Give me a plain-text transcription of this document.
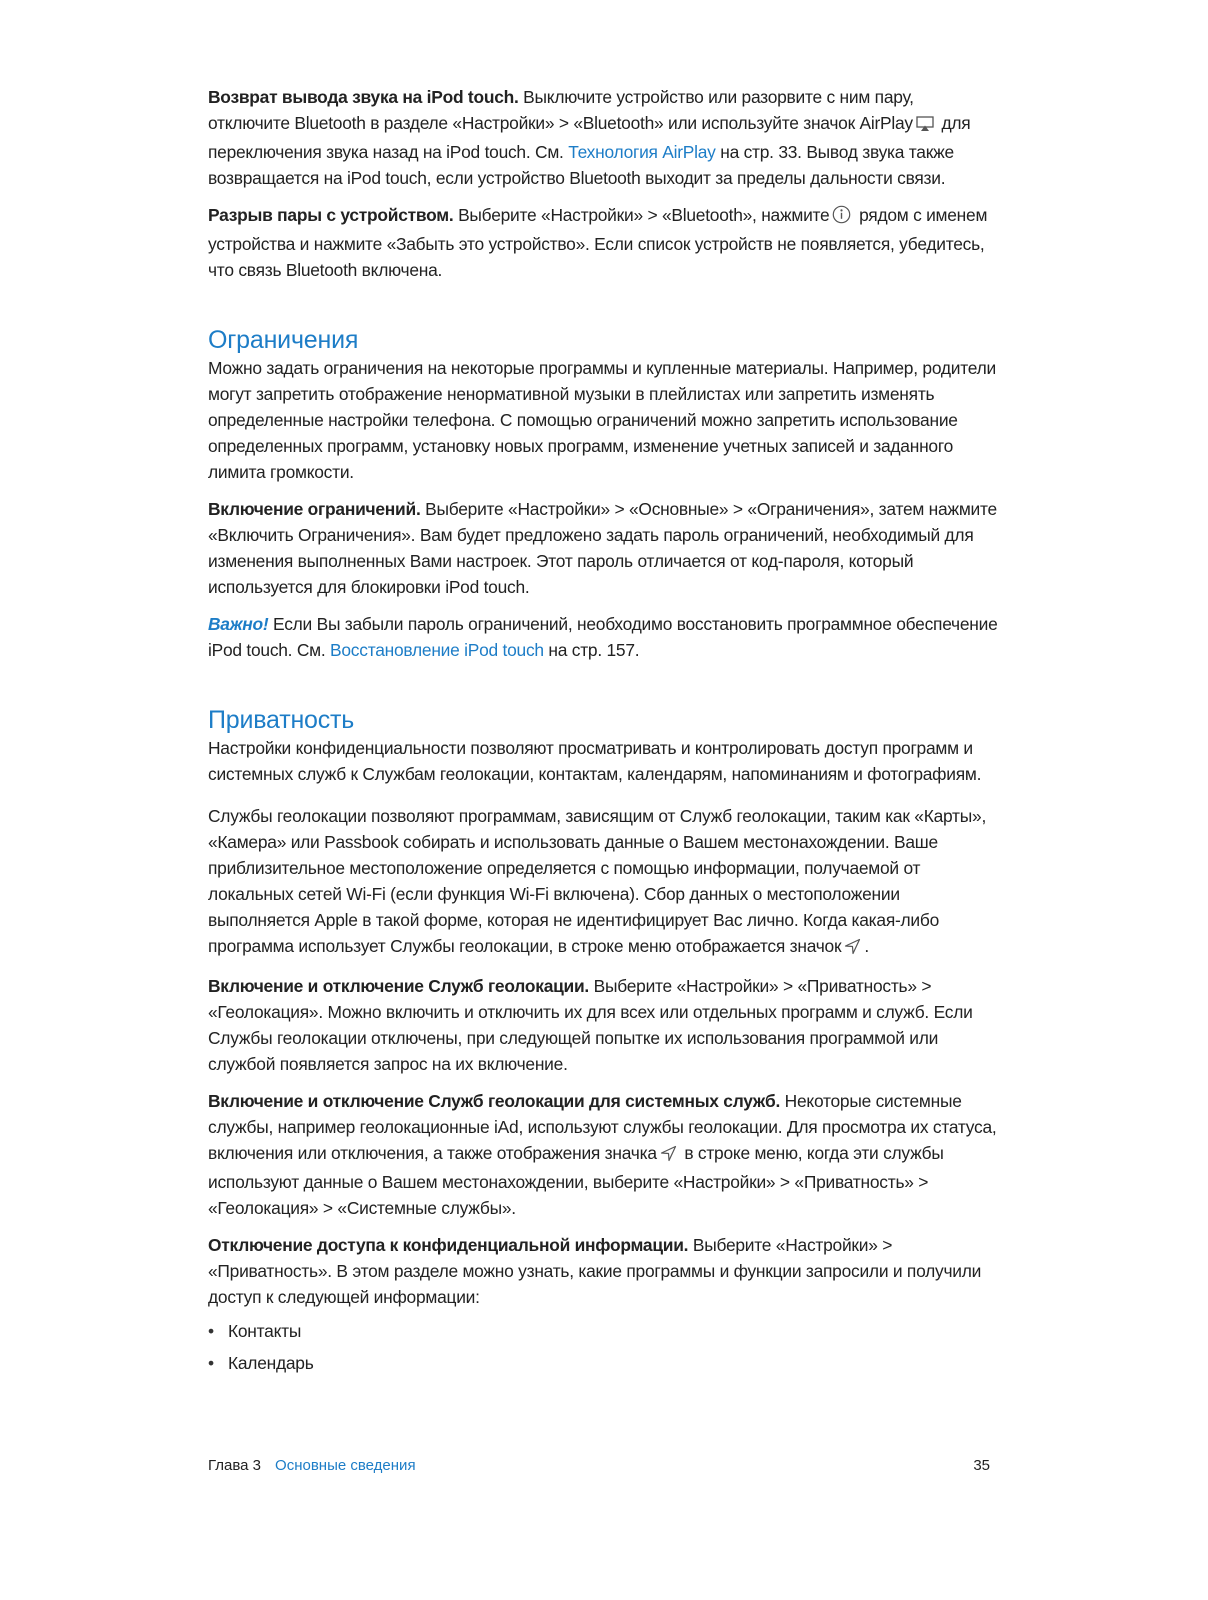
Возврат вывода звука на iPod touch. Выключите устройство или разорвите с ним пару, отключите Bluetooth в разделе «Настройки» > «Bluetooth» или используйте значок AirPlay для переключения звука назад на iPod touch. См. Технология AirPlay на стр. 33. Вывод звука также возвращается на iPod touch, если устройство Bluetooth выходит за пределы дальности связи.

Разрыв пары с устройством. Выберите «Настройки» > «Bluetooth», нажмите рядом с именем устройства и нажмите «Забыть это устройство». Если список устройств не появляется, убедитесь, что связь Bluetooth включена.

Ограничения

Можно задать ограничения на некоторые программы и купленные материалы. Например, родители могут запретить отображение ненормативной музыки в плейлистах или запретить изменять определенные настройки телефона. С помощью ограничений можно запретить использование определенных программ, установку новых программ, изменение учетных записей и заданного лимита громкости.

Включение ограничений. Выберите «Настройки» > «Основные» > «Ограничения», затем нажмите «Включить Ограничения». Вам будет предложено задать пароль ограничений, необходимый для изменения выполненных Вами настроек. Этот пароль отличается от код-пароля, который используется для блокировки iPod touch.

Важно! Если Вы забыли пароль ограничений, необходимо восстановить программное обеспечение iPod touch. См. Восстановление iPod touch на стр. 157.

Приватность

Настройки конфиденциальности позволяют просматривать и контролировать доступ программ и системных служб к Службам геолокации, контактам, календарям, напоминаниям и фотографиям.

Службы геолокации позволяют программам, зависящим от Служб геолокации, таким как «Карты», «Камера» или Passbook собирать и использовать данные о Вашем местонахождении. Ваше приблизительное местоположение определяется с помощью информации, получаемой от локальных сетей Wi‑Fi (если функция Wi‑Fi включена). Сбор данных о местоположении выполняется Apple в такой форме, которая не идентифицирует Вас лично. Когда какая-либо программа использует Службы геолокации, в строке меню отображается значок .

Включение и отключение Служб геолокации. Выберите «Настройки» > «Приватность» > «Геолокация». Можно включить и отключить их для всех или отдельных программ и служб. Если Службы геолокации отключены, при следующей попытке их использования программой или службой появляется запрос на их включение.

Включение и отключение Служб геолокации для системных служб. Некоторые системные службы, например геолокационные iAd, используют службы геолокации. Для просмотра их статуса, включения или отключения, а также отображения значка в строке меню, когда эти службы используют данные о Вашем местонахождении, выберите «Настройки» > «Приватность» > «Геолокация» > «Системные службы».

Отключение доступа к конфиденциальной информации. Выберите «Настройки» > «Приватность». В этом разделе можно узнать, какие программы и функции запросили и получили доступ к следующей информации:

• Контакты
• Календарь
Глава 3 Основные сведения	35
